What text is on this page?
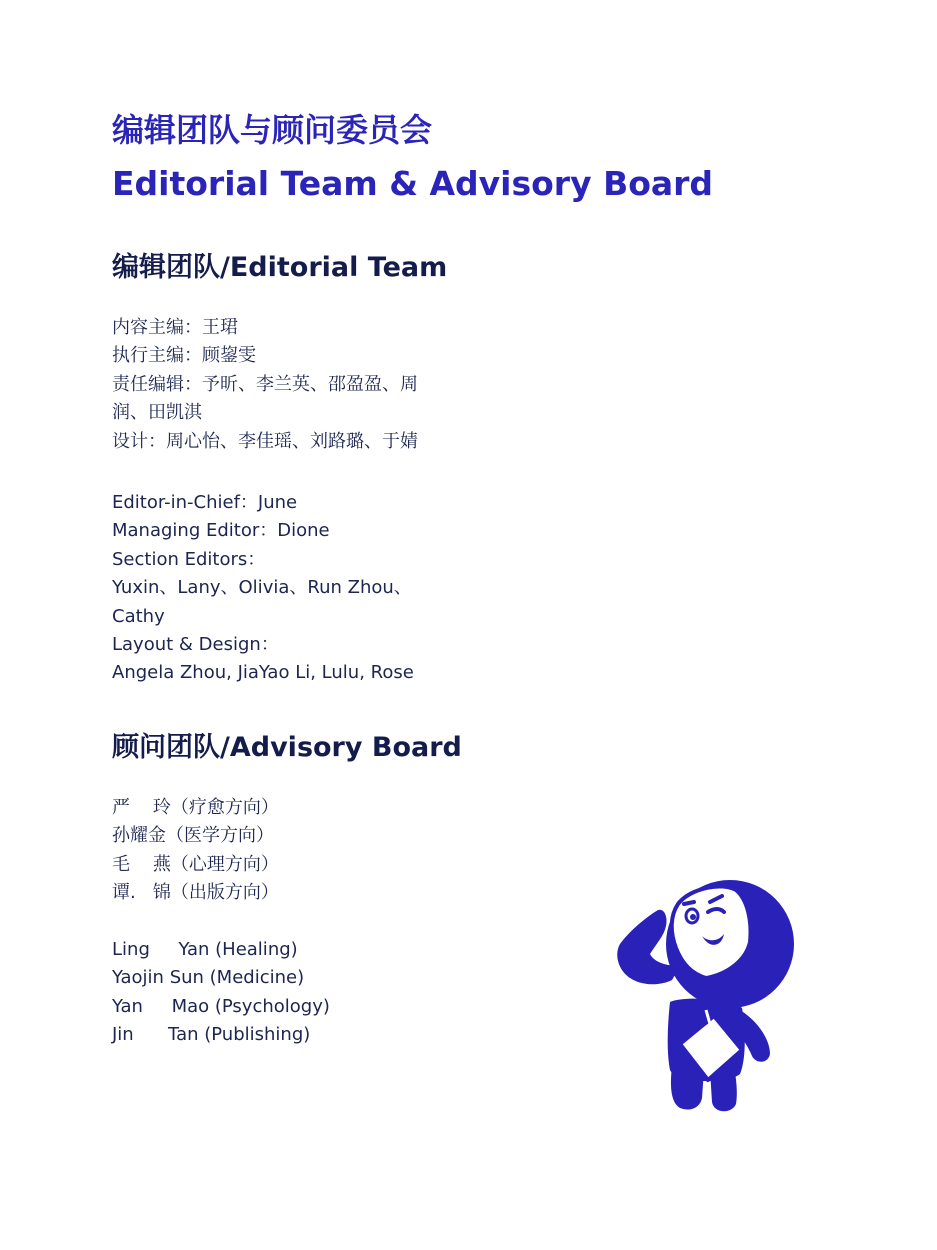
编辑团队与顾问委员会
Editorial Team & Advisory Board
编辑团队/Editorial Team
内容主编：王珺
执行主编：顾鋆雯
责任编辑：予昕、李兰英、邵盈盈、周
润、田凯淇
设计：周心怡、李佳瑶、刘路璐、于婧
Editor-in-Chief：June
Managing Editor：Dione
Section Editors：
Yuxin、Lany、Olivia、Run Zhou、
Cathy
Layout & Design：
Angela Zhou, JiaYao Li, Lulu, Rose
顾问团队/Advisory Board
严    玲（疗愈方向）
孙耀金（医学方向）
毛    燕（心理方向）
谭.   锦（出版方向）
Ling     Yan (Healing)
Yaojin Sun (Medicine)
Yan     Mao (Psychology)
Jin      Tan (Publishing)
